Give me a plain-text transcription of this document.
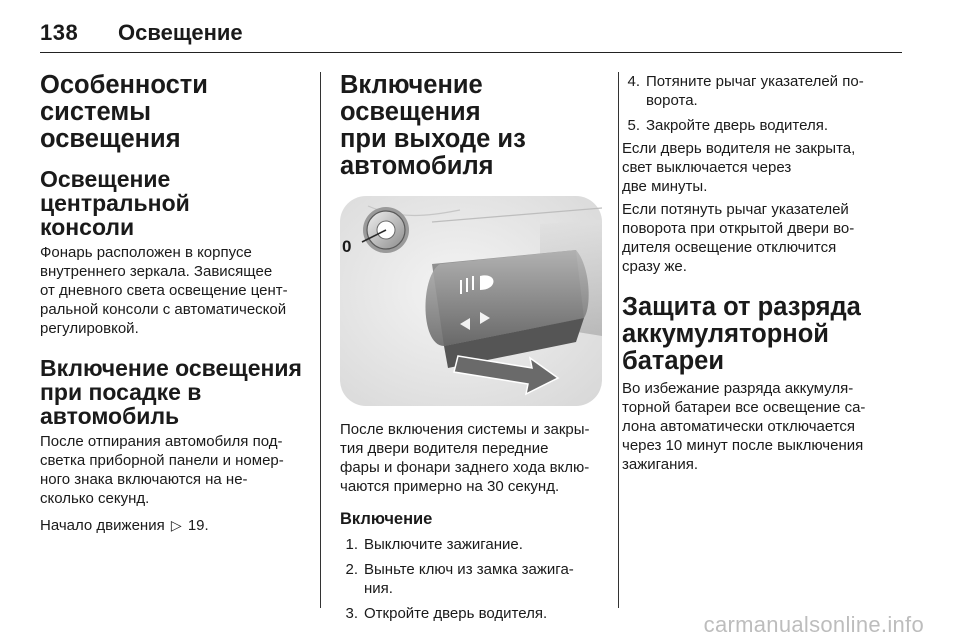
138 Освещение
Особенности системы
освещения
Освещение центральной
консоли

Фонарь расположен в корпусе
внутреннего зеркала. Зависящее
от дневного света освещение цент-
ральной консоли с автоматической
регулировкой.

Включение освещения
при посадке в
автомобиль

После отпирания автомобиля под-
светка приборной панели и номер-
ного знака включаются на не-
сколько секунд.

Начало движения ▷ 19.

Включение освещения
при выходе из
автомобиля
0

После включения системы и закры-
тия двери водителя передние
фары и фонари заднего хода вклю-
чаются примерно на 30 секунд.

Включение
1. Выключите зажигание.
2. Выньте ключ из замка зажига-
ния.
3. Откройте дверь водителя.
4. Потяните рычаг указателей по-
ворота.
5. Закройте дверь водителя.

Если дверь водителя не закрыта,
свет выключается через
две минуты.

Если потянуть рычаг указателей
поворота при открытой двери во-
дителя освещение отключится
сразу же.

Защита от разряда
аккумуляторной батареи

Во избежание разряда аккумуля-
торной батареи все освещение са-
лона автоматически отключается
через 10 минут после выключения
зажигания.

carmanualsonline.info
